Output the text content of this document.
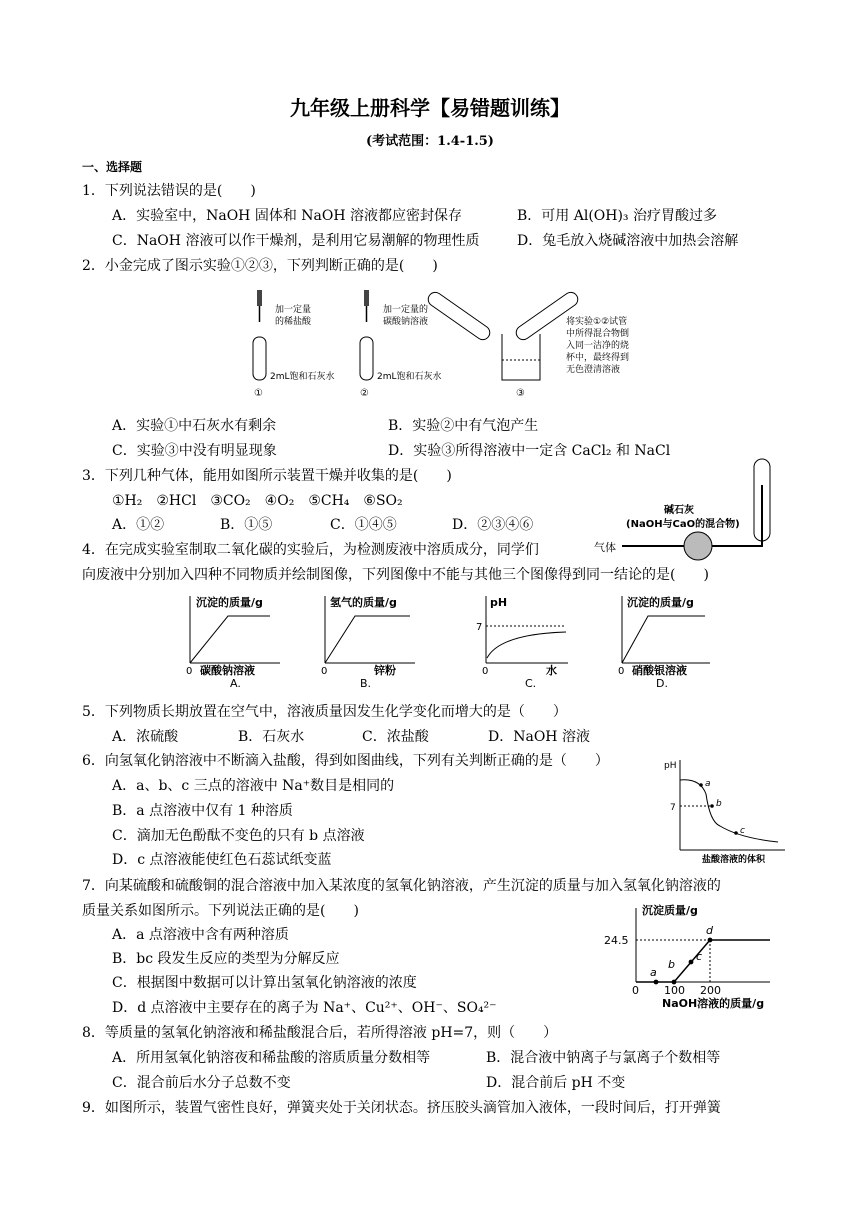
九年级上册科学【易错题训练】
(考试范围：1.4-1.5)
一、选择题
1．下列说法错误的是(　　)
A．实验室中，NaOH 固体和 NaOH 溶液都应密封保存	B．可用 Al(OH)₃ 治疗胃酸过多
C．NaOH 溶液可以作干燥剂，是利用它易潮解的物理性质	D．兔毛放入烧碱溶液中加热会溶解
2．小金完成了图示实验①②③，下列判断正确的是(　　)
加一定量
的稀盐酸
2mL饱和石灰水
①
加一定量的
碳酸钠溶液
2mL饱和石灰水
②
将实验①②试管
中所得混合物倒
入同一洁净的烧
杯中，最终得到
无色澄清溶液
③
A．实验①中石灰水有剩余	B．实验②中有气泡产生
C．实验③中没有明显现象	D．实验③所得溶液中一定含 CaCl₂ 和 NaCl
3．下列几种气体，能用如图所示装置干燥并收集的是(　　)
①H₂　②HCl　③CO₂　④O₂　⑤CH₄　⑥SO₂
A．①②	B．①⑤	C．①④⑤	D．②③④⑥
碱石灰
(NaOH与CaO的混合物)
气体
4．在完成实验室制取二氧化碳的实验后，为检测废液中溶质成分，同学们
向废液中分别加入四种不同物质并绘制图像，下列图像中不能与其他三个图像得到同一结论的是(　　)
沉淀的质量/g
0 碳酸钠溶液
A.
氢气的质量/g
0	锌粉
B.
pH
7
0	水
C.
沉淀的质量/g
0 硝酸银溶液
D.
5．下列物质长期放置在空气中，溶液质量因发生化学变化而增大的是（　　）
A．浓硫酸	B．石灰水	C．浓盐酸	D．NaOH 溶液
6．向氢氧化钠溶液中不断滴入盐酸，得到如图曲线，下列有关判断正确的是（　　）
A．a、b、c 三点的溶液中 Na⁺数目是相同的
B．a 点溶液中仅有 1 种溶质
C．滴加无色酚酞不变色的只有 b 点溶液
D．c 点溶液能使红色石蕊试纸变蓝
pH
7
a
b
c
盐酸溶液的体积
7．向某硫酸和硫酸铜的混合溶液中加入某浓度的氢氧化钠溶液，产生沉淀的质量与加入氢氧化钠溶液的
质量关系如图所示。下列说法正确的是(　　)
A．a 点溶液中含有两种溶质
B．bc 段发生反应的类型为分解反应
C．根据图中数据可以计算出氢氧化钠溶液的浓度
D．d 点溶液中主要存在的离子为 Na⁺、Cu²⁺、OH⁻、SO₄²⁻
沉淀质量/g
24.5
0 100 200
a
b
c
d
NaOH溶液的质量/g
8．等质量的氢氧化钠溶液和稀盐酸混合后，若所得溶液 pH=7，则（　　）
A．所用氢氧化钠溶夜和稀盐酸的溶质质量分数相等	B．混合液中钠离子与氯离子个数相等
C．混合前后水分子总数不变	D．混合前后 pH 不变
9．如图所示，装置气密性良好，弹簧夹处于关闭状态。挤压胶头滴管加入液体，一段时间后，打开弹簧
